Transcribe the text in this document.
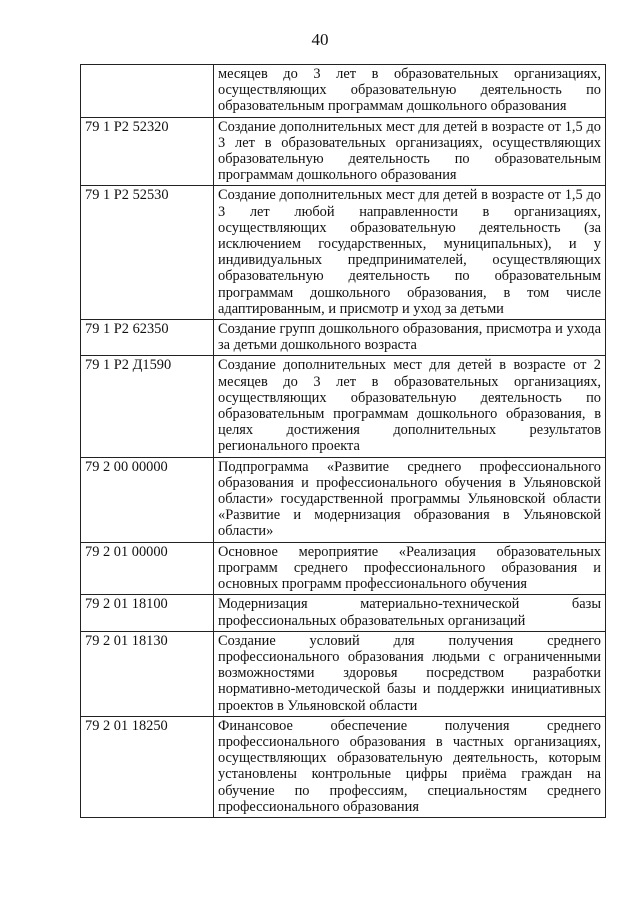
40
	месяцев до 3 лет в образовательных организациях, осуществляющих образовательную деятельность по образовательным программам дошкольного образования
79 1 P2 52320	Создание дополнительных мест для детей в возрасте от 1,5 до 3 лет в образовательных организациях, осуществляющих образовательную деятельность по образовательным программам дошкольного образования
79 1 P2 52530	Создание дополнительных мест для детей в возрасте от 1,5 до 3 лет любой направленности в организациях, осуществляющих образовательную деятельность (за исключением государственных, муниципальных), и у индивидуальных предпринимателей, осуществляющих образовательную деятельность по образовательным программам дошкольного образования, в том числе адаптированным, и присмотр и уход за детьми
79 1 P2 62350	Создание групп дошкольного образования, присмотра и ухода за детьми дошкольного возраста
79 1 P2 Д1590	Создание дополнительных мест для детей в возрасте от 2 месяцев до 3 лет в образовательных организациях, осуществляющих образовательную деятельность по образовательным программам дошкольного образования, в целях достижения дополнительных результатов регионального проекта
79 2 00 00000	Подпрограмма «Развитие среднего профессионального образования и профессионального обучения в Ульяновской области» государственной программы Ульяновской области «Развитие и модернизация образования в Ульяновской области»
79 2 01 00000	Основное мероприятие «Реализация образовательных программ среднего профессионального образования и основных программ профессионального обучения
79 2 01 18100	Модернизация материально-технической базы профессиональных образовательных организаций
79 2 01 18130	Создание условий для получения среднего профессионального образования людьми с ограниченными возможностями здоровья посредством разработки нормативно-методической базы и поддержки инициативных проектов в Ульяновской области
79 2 01 18250	Финансовое обеспечение получения среднего профессионального образования в частных организациях, осуществляющих образовательную деятельность, которым установлены контрольные цифры приёма граждан на обучение по профессиям, специальностям среднего профессионального образования
